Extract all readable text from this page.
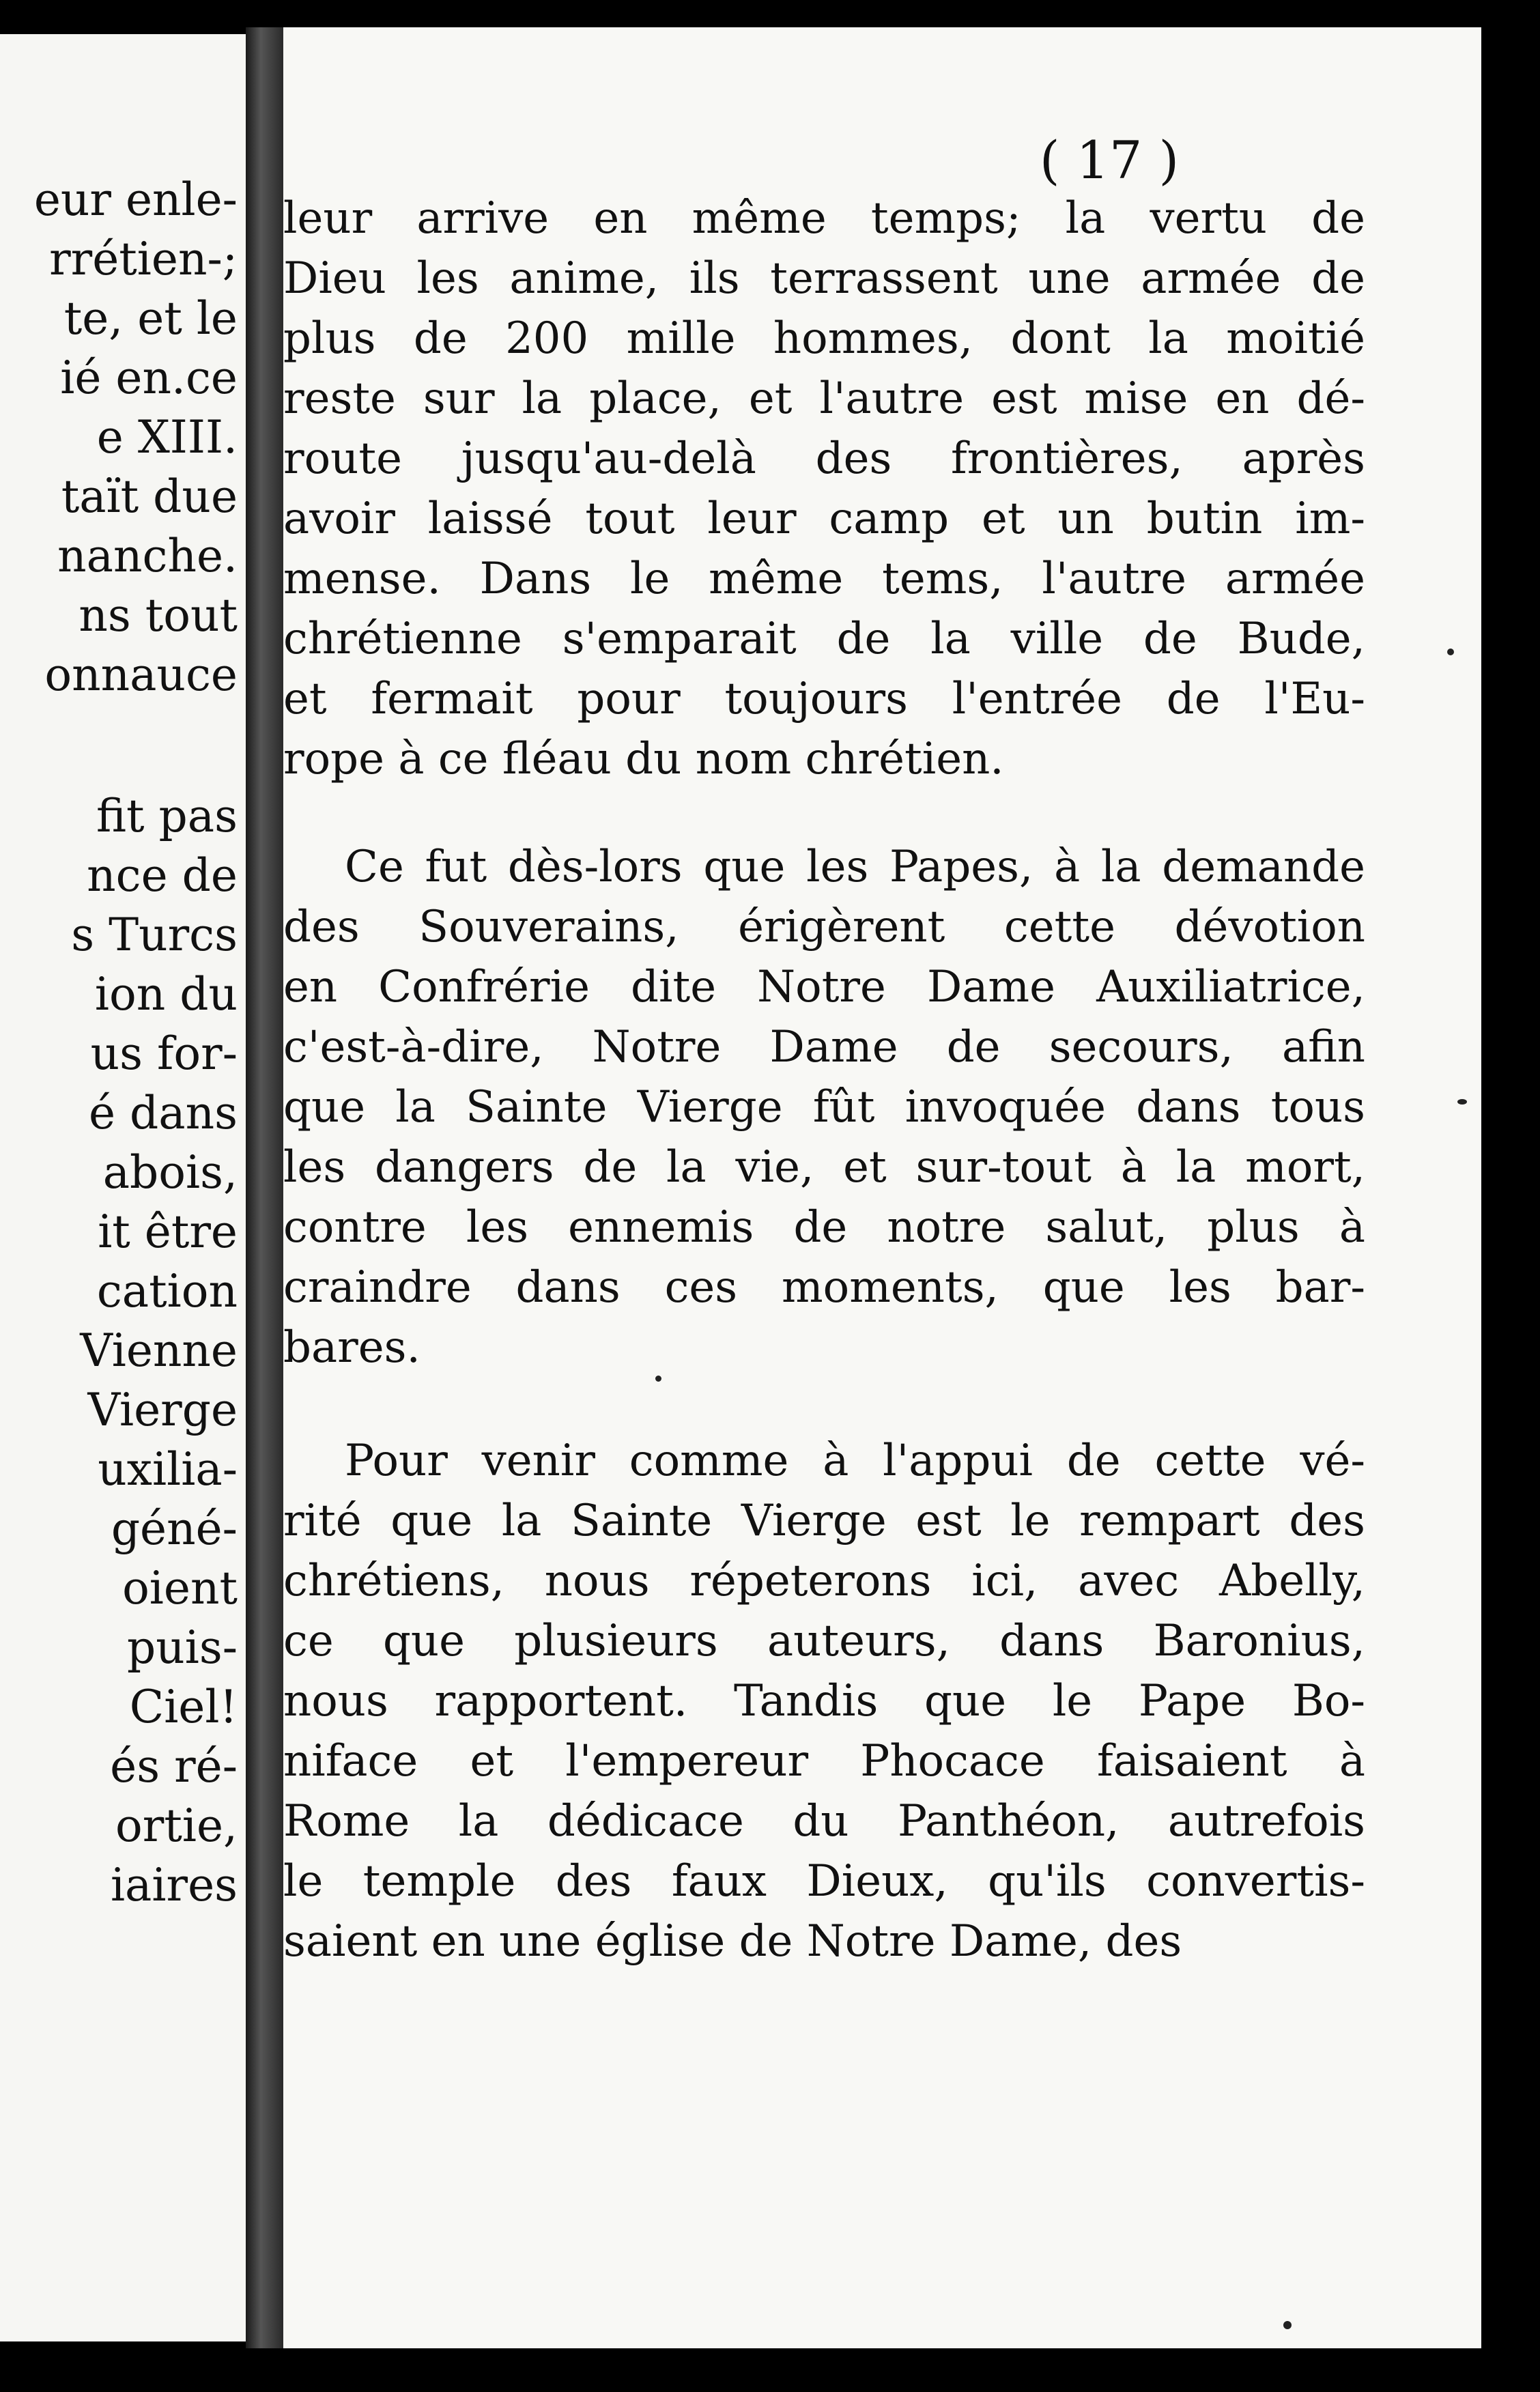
eur enle-
rrétien-;
te, et le
ié en.ce
e XIII.
taït due
nanche.
ns tout
onnauce
fit pas
nce de
s Turcs
ion du
us for-
é dans
abois,
it être
cation
Vienne
Vierge
uxilia-
géné-
oient
puis-
Ciel!
és ré-
ortie,
iaires
( 17 )
leur arrive en même temps; la vertu de
Dieu les anime, ils terrassent une armée de
plus de 200 mille hommes, dont la moitié
reste sur la place, et l'autre est mise en dé-
route jusqu'au-delà des frontières, après
avoir laissé tout leur camp et un butin im-
mense. Dans le même tems, l'autre armée
chrétienne s'emparait de la ville de Bude,
et fermait pour toujours l'entrée de l'Eu-
rope à ce fléau du nom chrétien.
Ce fut dès-lors que les Papes, à la demande
des Souverains, érigèrent cette dévotion
en Confrérie dite Notre Dame Auxiliatrice,
c'est-à-dire, Notre Dame de secours, afin
que la Sainte Vierge fût invoquée dans tous
les dangers de la vie, et sur-tout à la mort,
contre les ennemis de notre salut, plus à
craindre dans ces moments, que les bar-
bares.
Pour venir comme à l'appui de cette vé-
rité que la Sainte Vierge est le rempart des
chrétiens, nous répeterons ici, avec Abelly,
ce que plusieurs auteurs, dans Baronius,
nous rapportent. Tandis que le Pape Bo-
niface et l'empereur Phocace faisaient à
Rome la dédicace du Panthéon, autrefois
le temple des faux Dieux, qu'ils convertis-
saient en une église de Notre Dame, des
